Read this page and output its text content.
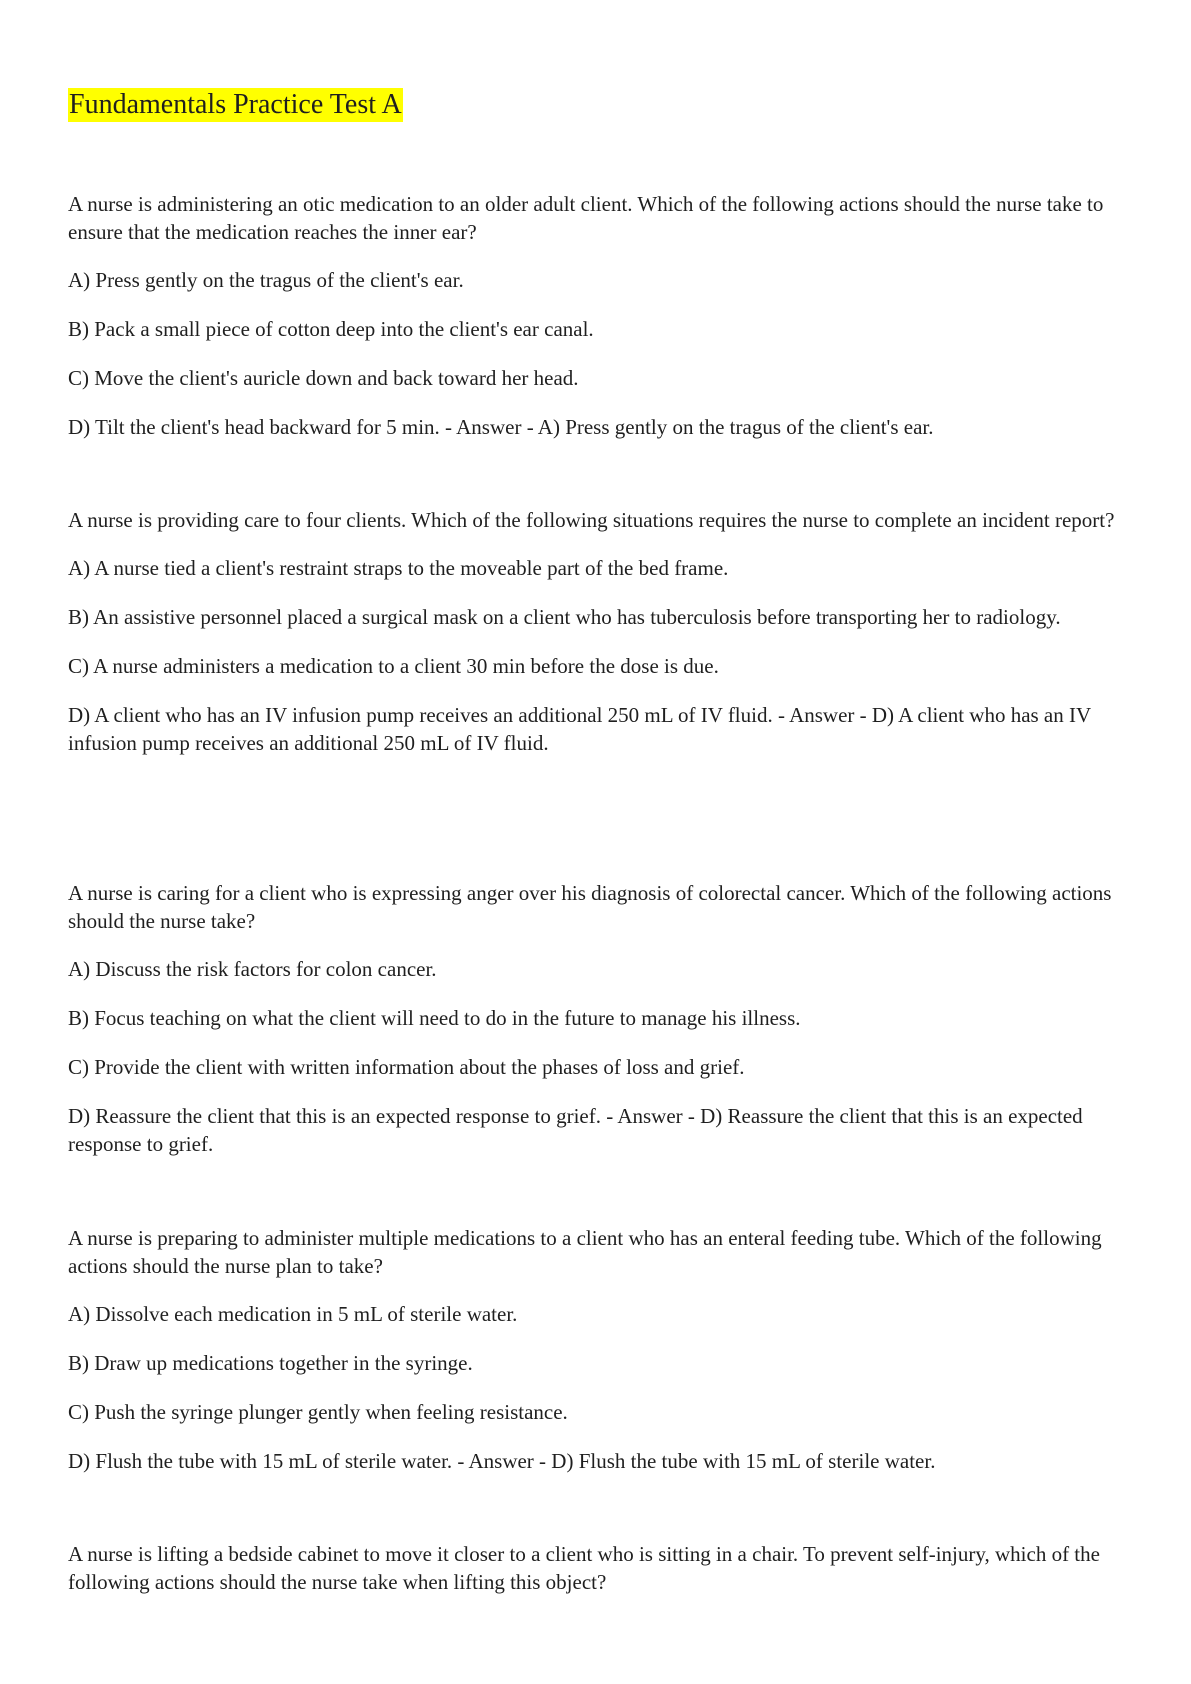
Fundamentals Practice Test A

A nurse is administering an otic medication to an older adult client. Which of the following actions should the nurse take to ensure that the medication reaches the inner ear?

A) Press gently on the tragus of the client's ear.

B) Pack a small piece of cotton deep into the client's ear canal.

C) Move the client's auricle down and back toward her head.

D) Tilt the client's head backward for 5 min. - Answer - A) Press gently on the tragus of the client's ear.

A nurse is providing care to four clients. Which of the following situations requires the nurse to complete an incident report?

A) A nurse tied a client's restraint straps to the moveable part of the bed frame.

B) An assistive personnel placed a surgical mask on a client who has tuberculosis before transporting her to radiology.

C) A nurse administers a medication to a client 30 min before the dose is due.

D) A client who has an IV infusion pump receives an additional 250 mL of IV fluid. - Answer - D) A client who has an IV infusion pump receives an additional 250 mL of IV fluid.

A nurse is caring for a client who is expressing anger over his diagnosis of colorectal cancer. Which of the following actions should the nurse take?

A) Discuss the risk factors for colon cancer.

B) Focus teaching on what the client will need to do in the future to manage his illness.

C) Provide the client with written information about the phases of loss and grief.

D) Reassure the client that this is an expected response to grief. - Answer - D) Reassure the client that this is an expected response to grief.

A nurse is preparing to administer multiple medications to a client who has an enteral feeding tube. Which of the following actions should the nurse plan to take?

A) Dissolve each medication in 5 mL of sterile water.

B) Draw up medications together in the syringe.

C) Push the syringe plunger gently when feeling resistance.

D) Flush the tube with 15 mL of sterile water. - Answer - D) Flush the tube with 15 mL of sterile water.

A nurse is lifting a bedside cabinet to move it closer to a client who is sitting in a chair. To prevent self-injury, which of the following actions should the nurse take when lifting this object?
